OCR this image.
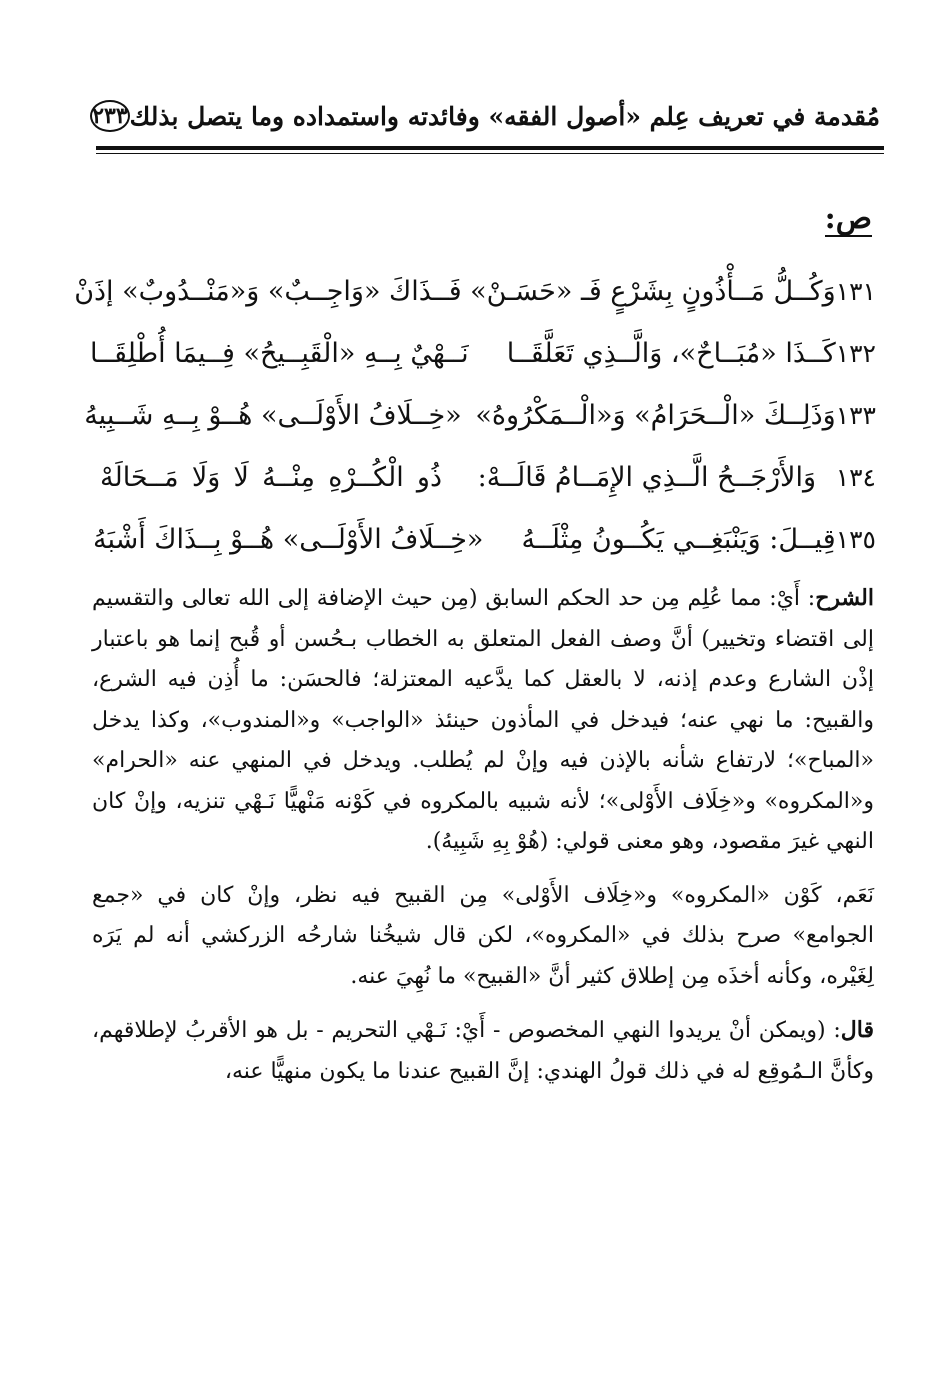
مُقدمة في تعريف عِلم «أصول الفقه» وفائدته واستمداده وما يتصل بذلك
٢٣٣
ص:
١٣١
وَكُــلُّ مَــأْذُونٍ بِشَرْعٍ فَـ «حَسَـنْ»
فَــذَاكَ «وَاجِــبٌ» وَ«مَنْــدُوبٌ» إذَنْ
١٣٢
كَــذَا «مُبَــاحٌ»، وَالَّــذِي تَعَلَّقَــا
نَــهْيٌ بِــهِ «الْقَبِــيحُ» فِــيمَا أُطْلِقَــا
١٣٣
وَذَلِــكَ «الْــحَرَامُ» وَ«الْــمَكْرُوهُ»
«خِــلَافُ الأَوْلَــى» هُــوْ بِــهِ شَــبِيهُ
١٣٤
وَالأَرْجَــحُ الَّــذِي الإِمَــامُ قَالَــهْ:
ذُو الْكُــرْهِ مِنْــهُ لَا وَلَا مَــحَالَهْ
١٣٥
قِيــلَ: وَيَنْبَغِــي يَكُــونُ مِثْلَــهُ
«خِــلَافُ الأَوْلَــى» هُــوْ بِــذَاكَ أَشْبَهُ

الشرح: أَيْ: مما عُلِم مِن حد الحكم السابق (مِن حيث الإضافة إلى الله تعالى والتقسيم إلى اقتضاء وتخيير) أنَّ وصف الفعل المتعلق به الخطاب بـحُسن أو قُبح إنما هو باعتبار إذْن الشارع وعدم إذنه، لا بالعقل كما يدَّعيه المعتزلة؛ فالحسَن: ما أُذِن فيه الشرع، والقبيح: ما نهي عنه؛ فيدخل في المأذون حينئذ «الواجب» و«المندوب»، وكذا يدخل «المباح»؛ لارتفاع شأنه بالإذن فيه وإنْ لم يُطلب. ويدخل في المنهي عنه «الحرام» و«المكروه» و«خِلَاف الأَوْلى»؛ لأنه شبيه بالمكروه في كَوْنه مَنْهيًّا نَـهْي تنزيه، وإنْ كان النهي غيرَ مقصود، وهو معنى قولي: (هُوْ بِهِ شَبِيهُ).

نَعَم، كَوْن «المكروه» و«خِلَاف الأَوْلى» مِن القبيح فيه نظر، وإنْ كان في «جمع الجوامع» صرح بذلك في «المكروه»، لكن قال شيخُنا شارحُه الزركشي أنه لم يَرَه لِغَيْره، وكأنه أخذَه مِن إطلاق كثير أنَّ «القبيح» ما نُهِيَ عنه.

قال: (ويمكن أنْ يريدوا النهي المخصوص - أَيْ: نَـهْي التحريم - بل هو الأقربُ لإطلاقهم، وكأنَّ الـمُوقِع له في ذلك قولُ الهندي: إنَّ القبيح عندنا ما يكون منهيًّا عنه،
